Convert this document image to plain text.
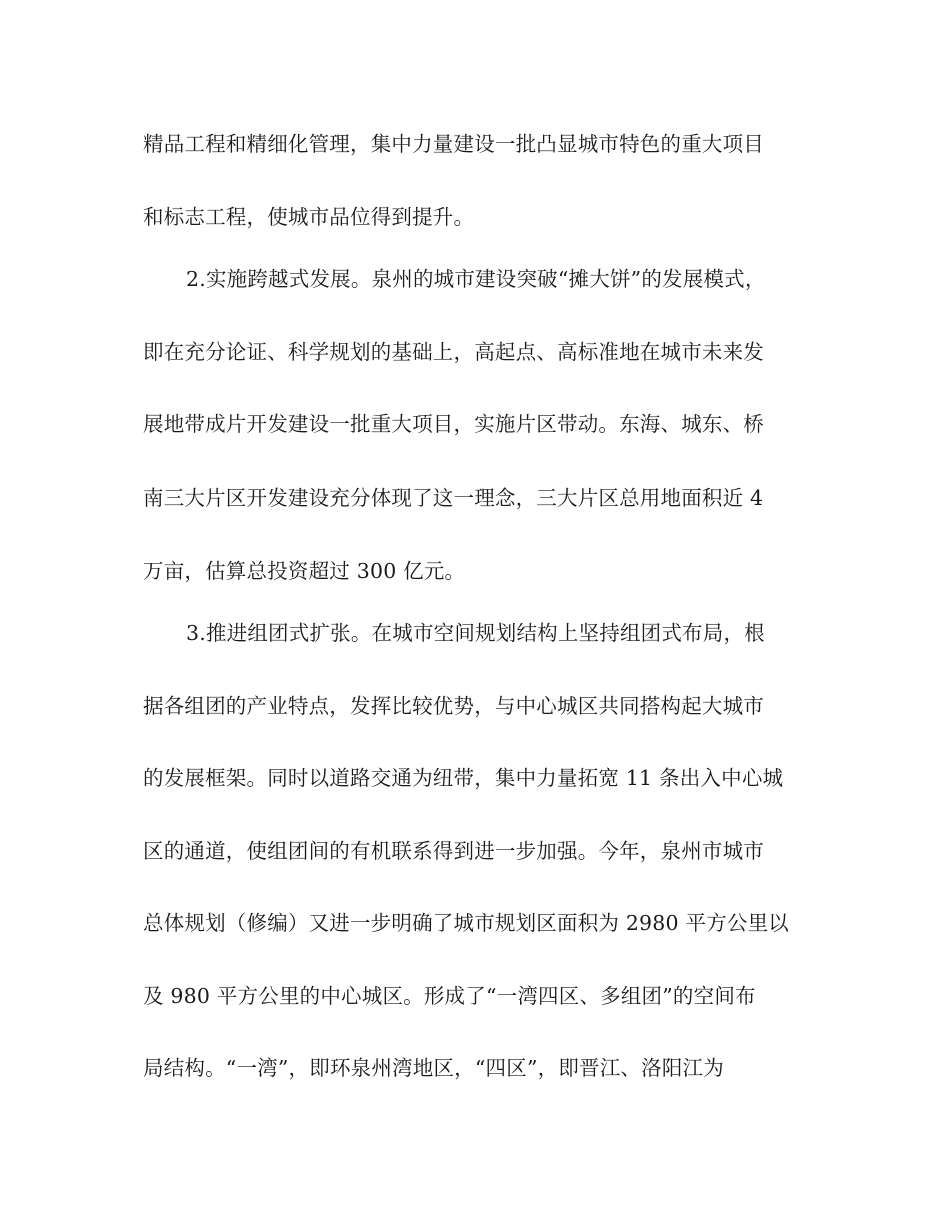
精品工程和精细化管理，集中力量建设一批凸显城市特色的重大项目
和标志工程，使城市品位得到提升。
2.实施跨越式发展。泉州的城市建设突破“摊大饼”的发展模式，
即在充分论证、科学规划的基础上，高起点、高标准地在城市未来发
展地带成片开发建设一批重大项目，实施片区带动。东海、城东、桥
南三大片区开发建设充分体现了这一理念，三大片区总用地面积近 4
万亩，估算总投资超过 300 亿元。
3.推进组团式扩张。在城市空间规划结构上坚持组团式布局，根
据各组团的产业特点，发挥比较优势，与中心城区共同搭构起大城市
的发展框架。同时以道路交通为纽带，集中力量拓宽 11 条出入中心城
区的通道，使组团间的有机联系得到进一步加强。今年，泉州市城市
总体规划（修编）又进一步明确了城市规划区面积为 2980 平方公里以
及 980 平方公里的中心城区。形成了“一湾四区、多组团”的空间布
局结构。“一湾”，即环泉州湾地区，“四区”，即晋江、洛阳江为
